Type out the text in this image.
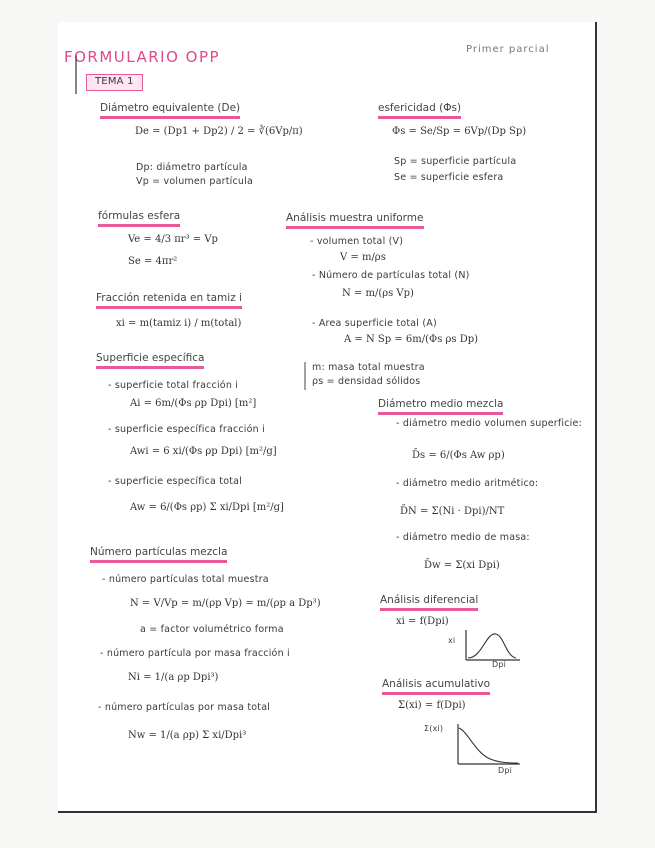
FORMULARIO OPP	Primer parcial
TEMA 1
Diámetro equivalente (De)
De = (Dp1 + Dp2) / 2 = ∛(6Vp/π)
Dp: diámetro partícula
Vp = volumen partícula
esfericidad (Φs)
Φs = Se/Sp = 6Vp/(Dp Sp)
Sp = superficie partícula
Se = superficie esfera
fórmulas esfera
Ve = 4/3 πr³ = Vp
Se = 4πr²
Análisis muestra uniforme
- volumen total (V)
V = m/ρs
- Número de partículas total (N)
N = m/(ρs Vp)
- Area superficie total (A)
A = N Sp = 6m/(Φs ρs Dp)
Fracción retenida en tamiz i
xi = m(tamiz i) / m(total)
Superficie específica
- superficie total fracción i
Ai = 6m/(Φs ρp Dpi) [m²]
- superficie específica fracción i
Awi = 6 xi/(Φs ρp Dpi) [m²/g]
- superficie específica total
Aw = 6/(Φs ρp) Σ xi/Dpi [m²/g]
m: masa total muestra
ρs = densidad sólidos
Diámetro medio mezcla
- diámetro medio volumen superficie:
D̄s = 6/(Φs Aw ρp)
- diámetro medio aritmético:
D̄N = Σ(Ni · Dpi)/NT
- diámetro medio de masa:
D̄w = Σ(xi Dpi)
Número partículas mezcla
- número partículas total muestra
N = V/Vp = m/(ρp Vp) = m/(ρp a Dp³)
a = factor volumétrico forma
- número partícula por masa fracción i
Ni = 1/(a ρp Dpi³)
- número partículas por masa total
Nw = 1/(a ρp) Σ xi/Dpi³
Análisis diferencial
xi = f(Dpi)
xi
Dpi
Análisis acumulativo
Σ(xi) = f(Dpi)
Σ(xi)
Dpi
